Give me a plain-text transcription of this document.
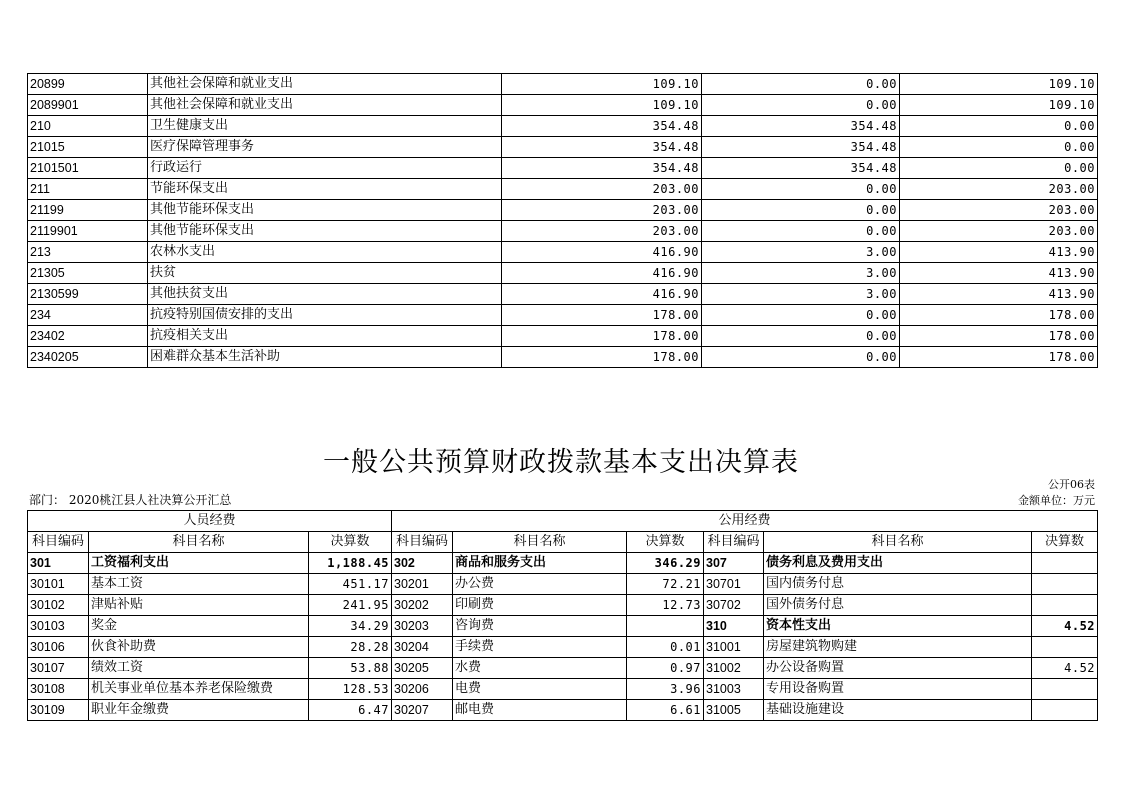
20899	其他社会保障和就业支出	109.10	0.00	109.10
2089901	其他社会保障和就业支出	109.10	0.00	109.10
210	卫生健康支出	354.48	354.48	0.00
21015	医疗保障管理事务	354.48	354.48	0.00
2101501	行政运行	354.48	354.48	0.00
211	节能环保支出	203.00	0.00	203.00
21199	其他节能环保支出	203.00	0.00	203.00
2119901	其他节能环保支出	203.00	0.00	203.00
213	农林水支出	416.90	3.00	413.90
21305	扶贫	416.90	3.00	413.90
2130599	其他扶贫支出	416.90	3.00	413.90
234	抗疫特别国债安排的支出	178.00	0.00	178.00
23402	抗疫相关支出	178.00	0.00	178.00
2340205	困难群众基本生活补助	178.00	0.00	178.00
一般公共预算财政拨款基本支出决算表
公开06表
部门： 2020桃江县人社决算公开汇总	金额单位：万元
人员经费			公用经费					
科目编码	科目名称	决算数	科目编码	科目名称	决算数	科目编码	科目名称	决算数
301	工资福利支出	1,188.45	302	商品和服务支出	346.29	307	债务利息及费用支出	
30101	基本工资	451.17	30201	办公费	72.21	30701	国内债务付息	
30102	津贴补贴	241.95	30202	印刷费	12.73	30702	国外债务付息	
30103	奖金	34.29	30203	咨询费		310	资本性支出	4.52
30106	伙食补助费	28.28	30204	手续费	0.01	31001	房屋建筑物购建	
30107	绩效工资	53.88	30205	水费	0.97	31002	办公设备购置	4.52
30108	机关事业单位基本养老保险缴费	128.53	30206	电费	3.96	31003	专用设备购置	
30109	职业年金缴费	6.47	30207	邮电费	6.61	31005	基础设施建设	
